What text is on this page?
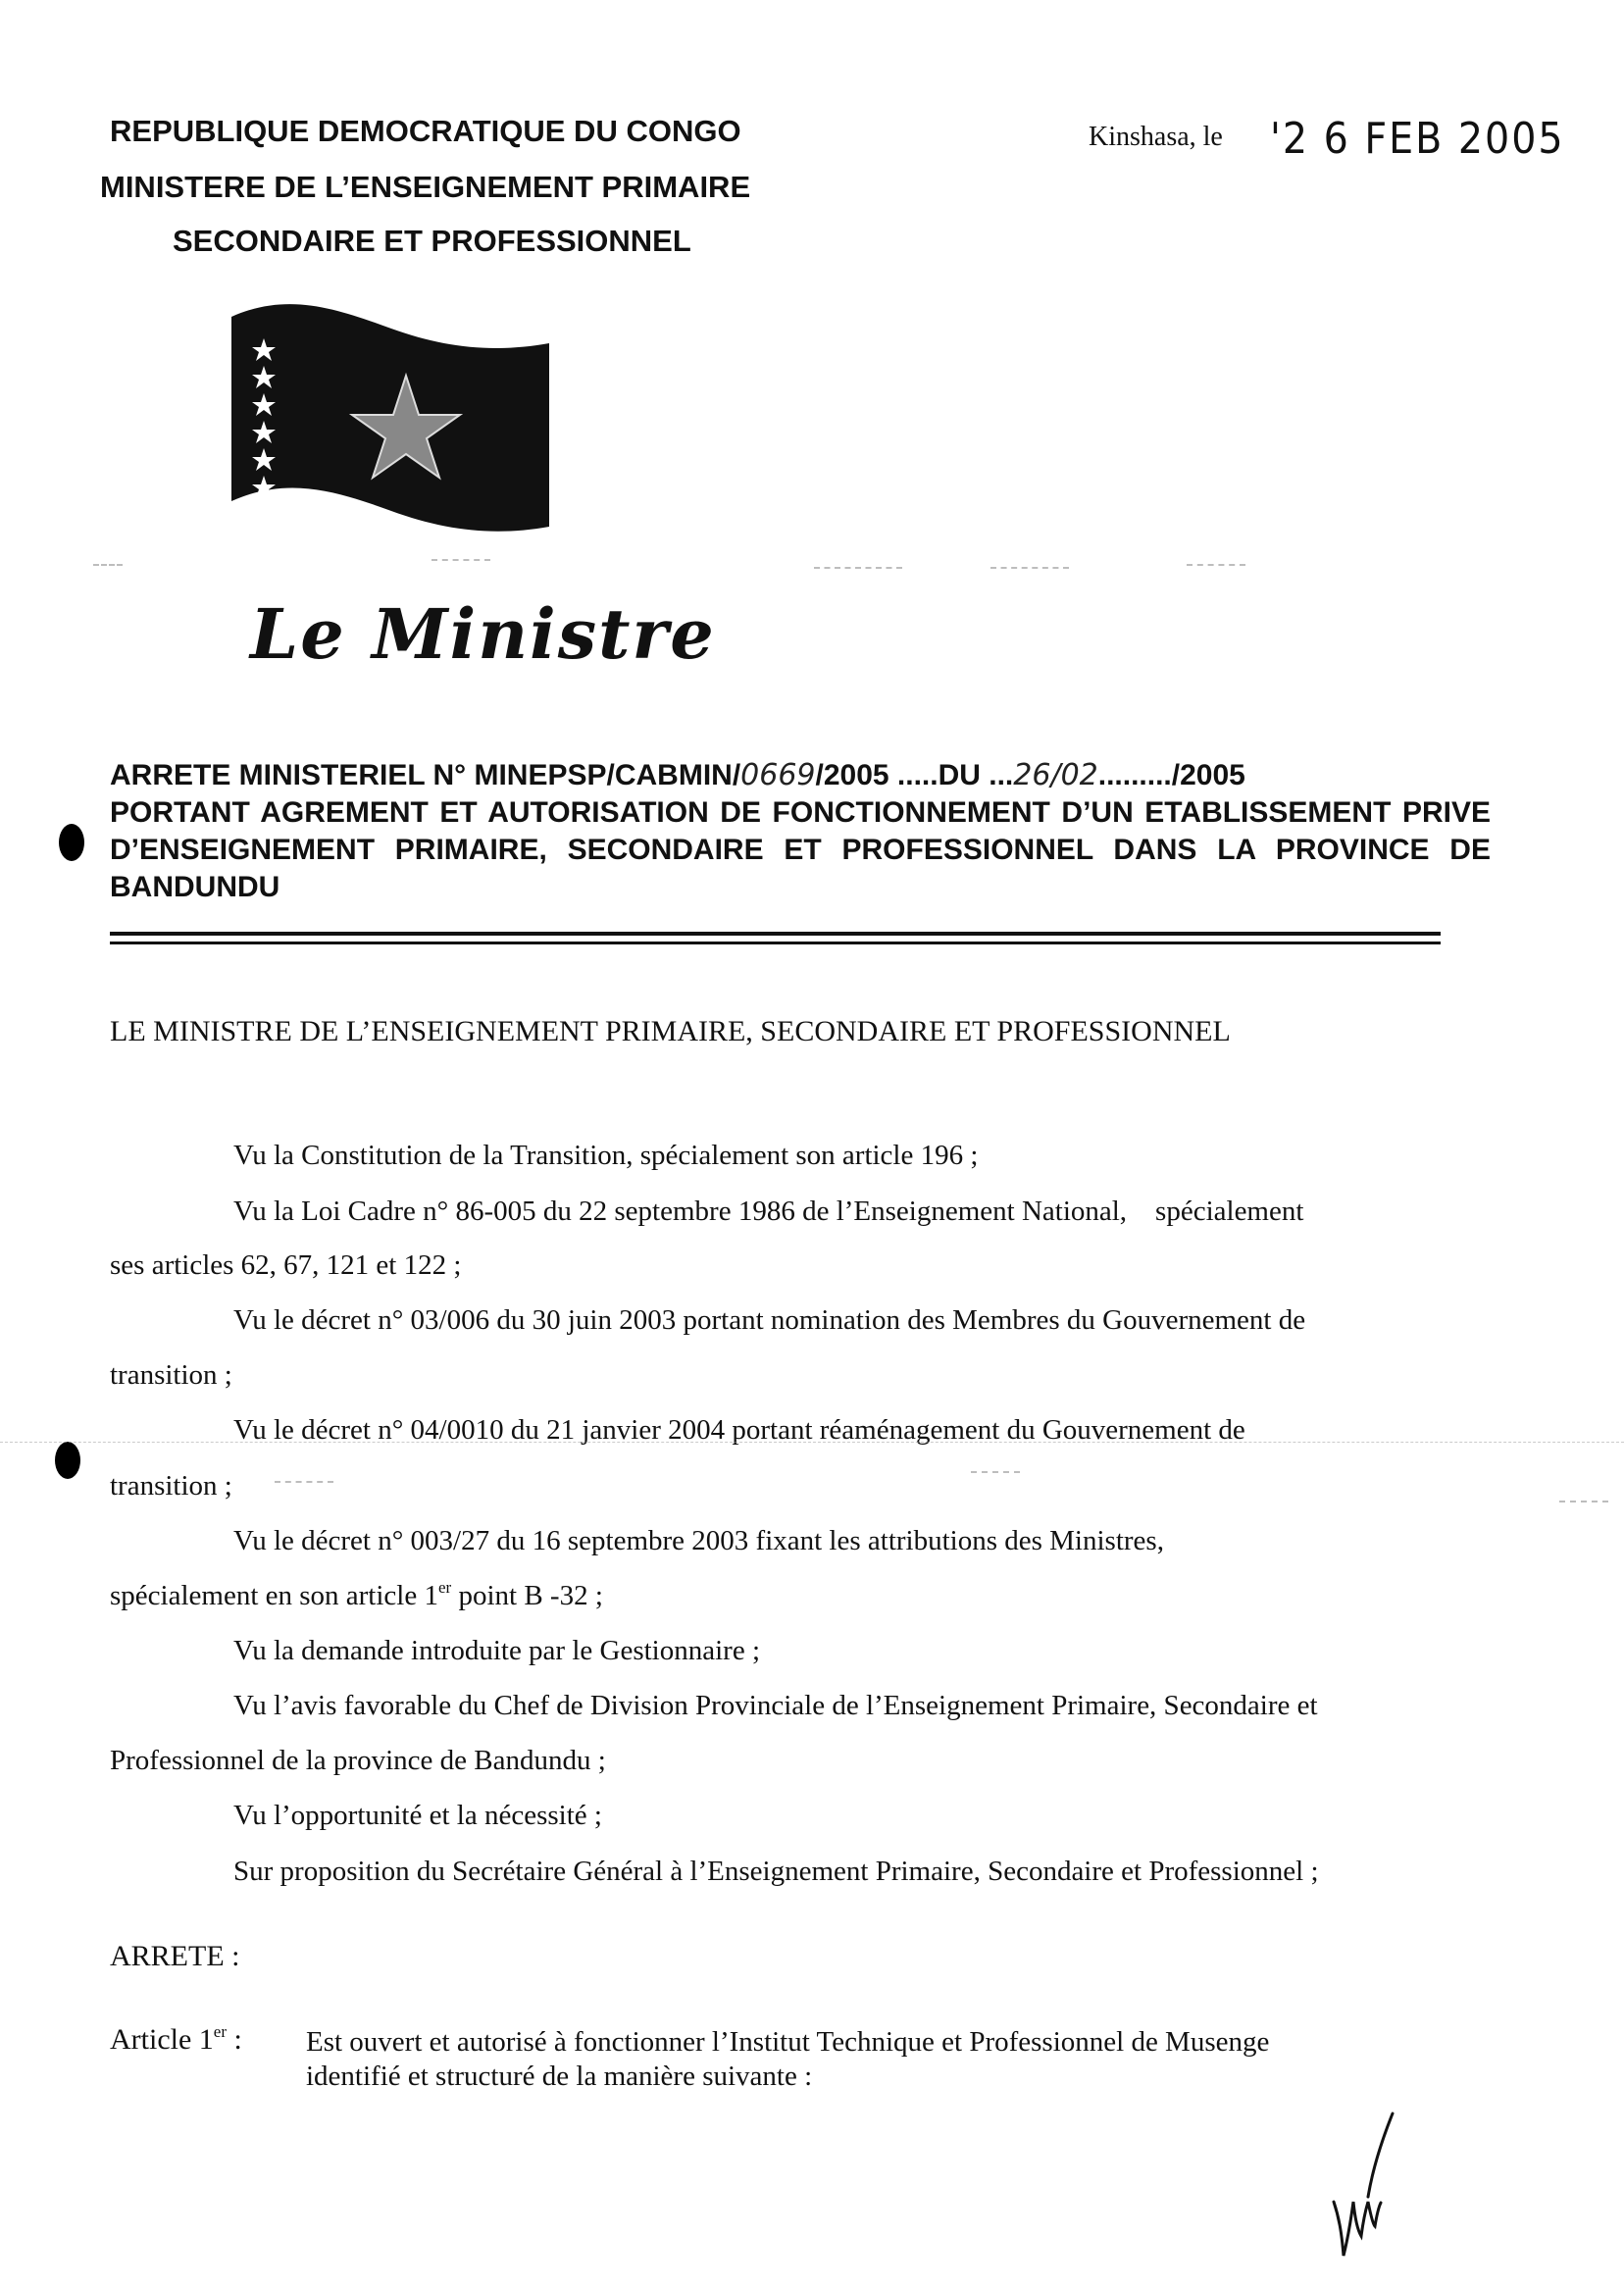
REPUBLIQUE DEMOCRATIQUE DU CONGO
MINISTERE DE L’ENSEIGNEMENT PRIMAIRE
SECONDAIRE ET PROFESSIONNEL
Kinshasa, le '2 6 FEB 2005
Le Ministre
ARRETE MINISTERIEL N° MINEPSP/CABMIN/0669/2005 .....DU ...26/02........./2005
PORTANT AGREMENT ET AUTORISATION DE FONCTIONNEMENT D’UN ETABLISSEMENT PRIVE D’ENSEIGNEMENT PRIMAIRE, SECONDAIRE ET PROFESSIONNEL DANS LA PROVINCE DE BANDUNDU
LE MINISTRE DE L’ENSEIGNEMENT PRIMAIRE, SECONDAIRE ET PROFESSIONNEL
Vu la Constitution de la Transition, spécialement son article 196 ;
Vu la Loi Cadre n° 86-005 du 22 septembre 1986 de l’Enseignement National,    spécialement
ses articles 62, 67, 121 et 122 ;
Vu le décret n° 03/006 du 30 juin 2003 portant nomination des Membres du Gouvernement de
transition ;
Vu le décret n° 04/0010 du 21 janvier 2004 portant réaménagement du Gouvernement de
transition ;
Vu le décret n° 003/27 du 16 septembre 2003 fixant les attributions des Ministres,
spécialement en son article 1er point B -32 ;
Vu la demande introduite par le Gestionnaire ;
Vu l’avis favorable du Chef de Division Provinciale de l’Enseignement Primaire, Secondaire et
Professionnel de la province de Bandundu ;
Vu l’opportunité et la nécessité ;
Sur proposition du Secrétaire Général à l’Enseignement Primaire, Secondaire et Professionnel ;
ARRETE :
Article 1er : Est ouvert et autorisé à fonctionner l’Institut Technique et Professionnel de Musenge
identifié et structuré de la manière suivante :
